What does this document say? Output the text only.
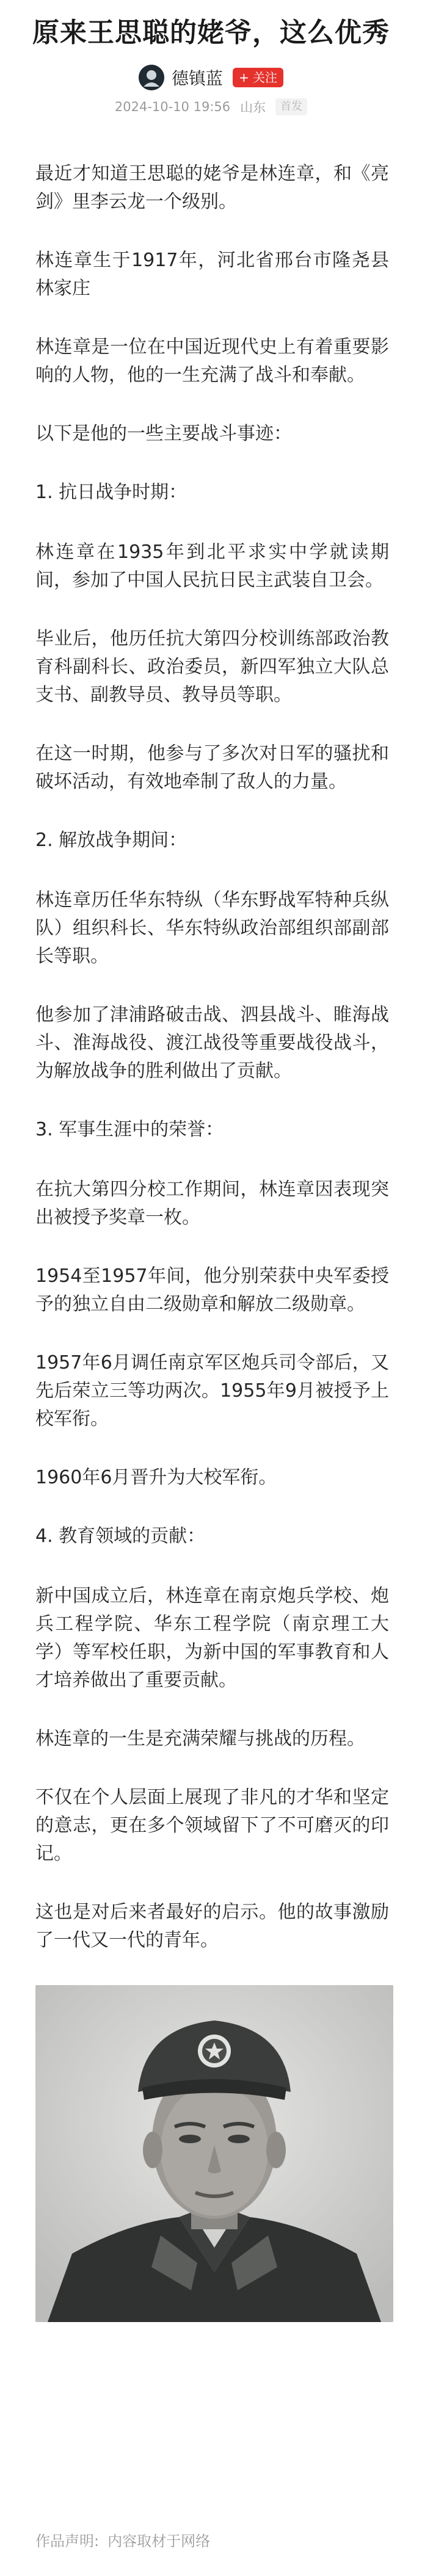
原来王思聪的姥爷，这么优秀
德镇蓝	+ 关注
2024-10-10 19:56 山东	首发

最近才知道王思聪的姥爷是林连章，和《亮剑》里李云龙一个级别。

林连章生于1917年，河北省邢台市隆尧县林家庄

林连章是一位在中国近现代史上有着重要影响的人物，他的一生充满了战斗和奉献。

以下是他的一些主要战斗事迹：

1. 抗日战争时期：

林连章在1935年到北平求实中学就读期间，参加了中国人民抗日民主武装自卫会。

毕业后，他历任抗大第四分校训练部政治教育科副科长、政治委员，新四军独立大队总支书、副教导员、教导员等职。

在这一时期，他参与了多次对日军的骚扰和破坏活动，有效地牵制了敌人的力量。

2. 解放战争期间：

林连章历任华东特纵（华东野战军特种兵纵队）组织科长、华东特纵政治部组织部副部长等职。

他参加了津浦路破击战、泗县战斗、睢海战斗、淮海战役、渡江战役等重要战役战斗，为解放战争的胜利做出了贡献。

3. 军事生涯中的荣誉：

在抗大第四分校工作期间，林连章因表现突出被授予奖章一枚。

1954至1957年间，他分别荣获中央军委授予的独立自由二级勋章和解放二级勋章。

1957年6月调任南京军区炮兵司令部后，又先后荣立三等功两次。1955年9月被授予上校军衔。

1960年6月晋升为大校军衔。

4. 教育领域的贡献：

新中国成立后，林连章在南京炮兵学校、炮兵工程学院、华东工程学院（南京理工大学）等军校任职，为新中国的军事教育和人才培养做出了重要贡献。

林连章的一生是充满荣耀与挑战的历程。

不仅在个人层面上展现了非凡的才华和坚定的意志，更在多个领域留下了不可磨灭的印记。

这也是对后来者最好的启示。他的故事激励了一代又一代的青年。

作品声明: 内容取材于网络
